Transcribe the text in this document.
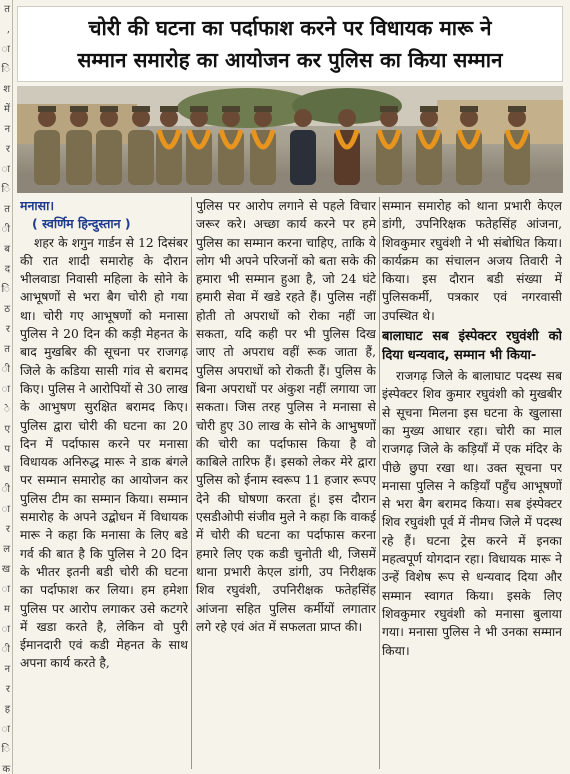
त
,
ा
ि
श
में
न
र
ा
ि
त
ी
ब
द
ि
ठ
र
त
ी
ा
े
ए
प
च
ी
ा
र
ल
ख
ा
म
ा
ी
न
र
ह
ा
ि
क
चोरी की घटना का पर्दाफाश करने पर विधायक मारू ने
सम्मान समारोह का आयोजन कर पुलिस का किया सम्मान

मनासा।

( स्वर्णिम हिन्दुस्तान )

शहर के शगुन गार्डन से 12 दिसंबर की रात शादी समारोह के दौरान भीलवाडा निवासी महिला के सोने के आभूषणों से भरा बैग चोरी हो गया था। चोरी गए आभूषणों को मनासा पुलिस ने 20 दिन की कड़ी मेहनत के बाद मुखबिर की सूचना पर राजगढ़ जिले के कडिया सासी गांव से बरामद किए। पुलिस ने आरोपियों से 30 लाख के आभुषण सुरक्षित बरामद किए। पुलिस द्वारा चोरी की घटना का 20 दिन में पर्दाफास करने पर मनासा विधायक अनिरुद्ध मारू ने डाक बंगले पर सम्मान समारोह का आयोजन कर पुलिस टीम का सम्मान किया। सम्मान समारोह के अपने उद्बोधन में विधायक मारू ने कहा कि मनासा के लिए बडे गर्व की बात है कि पुलिस ने 20 दिन के भीतर इतनी बडी चोरी की घटना का पर्दाफाश कर लिया। हम हमेशा पुलिस पर आरोप लगाकर उसे कटगरे में खडा करते है, लेकिन वो पुरी ईमानदारी एवं कडी मेहनत के साथ अपना कार्य करते है,

पुलिस पर आरोप लगाने से पहले विचार जरूर करे। अच्छा कार्य करने पर हमे पुलिस का सम्मान करना चाहिए, ताकि ये लोग भी अपने परिजनों को बता सके की हमारा भी सम्मान हुआ है, जो 24 घंटे हमारी सेवा में खडे रहते हैं। पुलिस नहीं होती तो अपराधों को रोका नहीं जा सकता, यदि कही पर भी पुलिस दिख जाए तो अपराध वहीं रूक जाता हैं, पुलिस अपराधों को रोकती हैं। पुलिस के बिना अपराधों पर अंकुश नहीं लगाया जा सकता। जिस तरह पुलिस ने मनासा से चोरी हुए 30 लाख के सोने के आभुषणों की चोरी का पर्दाफास किया है वो काबिले तारिफ हैं। इसको लेकर मेरे द्वारा पुलिस को ईनाम स्वरूप 11 हजार रूपए देने की घोषणा करता हूं। इस दौरान एसडीओपी संजीव मुले ने कहा कि वाकई में चोरी की घटना का पर्दाफास करना हमारे लिए एक कडी चुनोती थी, जिसमें थाना प्रभारी केएल डांगी, उप निरीक्षक शिव रघुवंशी, उपनिरीक्षक फतेहसिंह आंजना सहित पुलिस कर्मीयों लगातार लगे रहे एवं अंत में सफलता प्राप्त की।

सम्मान समारोह को थाना प्रभारी केएल डांगी, उपनिरिक्षक फतेहसिंह आंजना, शिवकुमार रघुवंशी ने भी संबोधित किया। कार्यक्रम का संचालन अजय तिवारी ने किया। इस दौरान बडी संख्या में पुलिसकर्मी, पत्रकार एवं नगरवासी उपस्थित थे।

बालाघाट सब इंस्पेक्टर रघुवंशी को दिया धन्यवाद, सम्मान भी किया-

राजगढ़ जिले के बालाघाट पदस्थ सब इंस्पेक्टर शिव कुमार रघुवंशी को मुखबीर से सूचना मिलना इस घटना के खुलासा का मुख्य आधार रहा। चोरी का माल राजगढ़ जिले के कड़ियाँ में एक मंदिर के पीछे छुपा रखा था। उक्त सूचना पर मनासा पुलिस ने कड़ियाँ पहुँच आभूषणों से भरा बैग बरामद किया। सब इंस्पेक्टर शिव रघुवंशी पूर्व में नीमच जिले में पदस्थ रहे हैं। घटना ट्रेस करने में इनका महत्वपूर्ण योगदान रहा। विधायक मारू ने उन्हें विशेष रूप से धन्यवाद दिया और सम्मान स्वागत किया। इसके लिए शिवकुमार रघुवंशी को मनासा बुलाया गया। मनासा पुलिस ने भी उनका सम्मान किया।
